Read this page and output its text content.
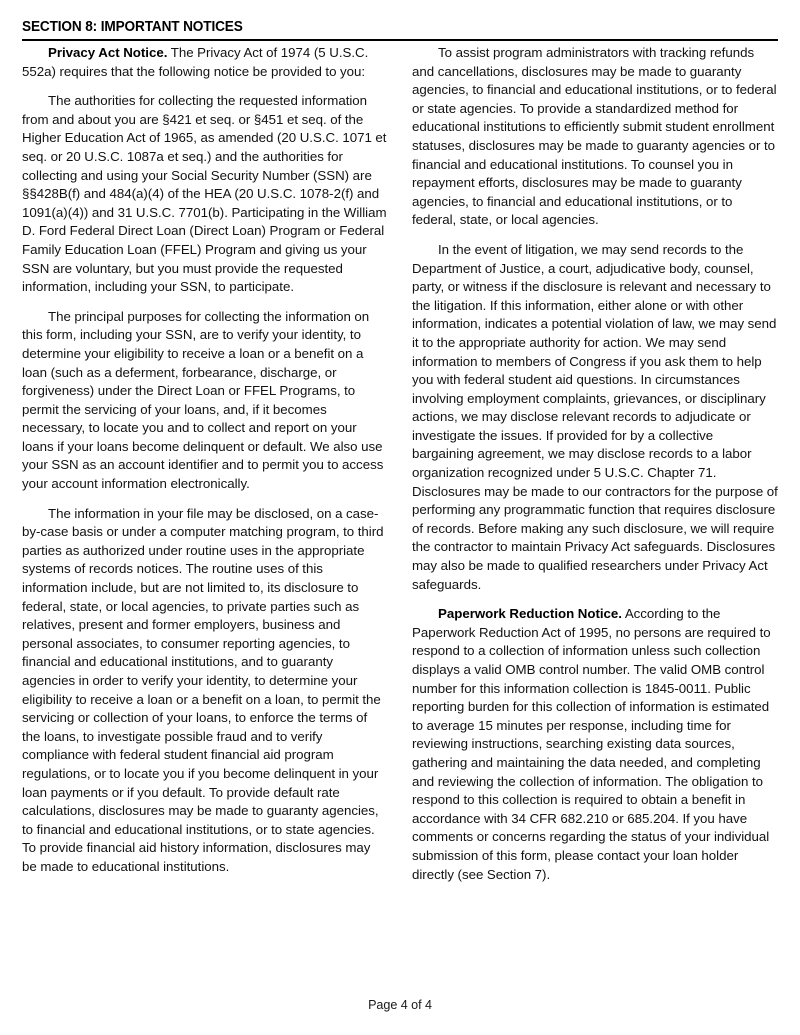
SECTION 8: IMPORTANT NOTICES

Privacy Act Notice. The Privacy Act of 1974 (5 U.S.C. 552a) requires that the following notice be provided to you:

The authorities for collecting the requested information from and about you are §421 et seq. or §451 et seq. of the Higher Education Act of 1965, as amended (20 U.S.C. 1071 et seq. or 20 U.S.C. 1087a et seq.) and the authorities for collecting and using your Social Security Number (SSN) are §§428B(f) and 484(a)(4) of the HEA (20 U.S.C. 1078-2(f) and 1091(a)(4)) and 31 U.S.C. 7701(b). Participating in the William D. Ford Federal Direct Loan (Direct Loan) Program or Federal Family Education Loan (FFEL) Program and giving us your SSN are voluntary, but you must provide the requested information, including your SSN, to participate.

The principal purposes for collecting the information on this form, including your SSN, are to verify your identity, to determine your eligibility to receive a loan or a benefit on a loan (such as a deferment, forbearance, discharge, or forgiveness) under the Direct Loan or FFEL Programs, to permit the servicing of your loans, and, if it becomes necessary, to locate you and to collect and report on your loans if your loans become delinquent or default. We also use your SSN as an account identifier and to permit you to access your account information electronically.

The information in your file may be disclosed, on a case-by-case basis or under a computer matching program, to third parties as authorized under routine uses in the appropriate systems of records notices. The routine uses of this information include, but are not limited to, its disclosure to federal, state, or local agencies, to private parties such as relatives, present and former employers, business and personal associates, to consumer reporting agencies, to financial and educational institutions, and to guaranty agencies in order to verify your identity, to determine your eligibility to receive a loan or a benefit on a loan, to permit the servicing or collection of your loans, to enforce the terms of the loans, to investigate possible fraud and to verify compliance with federal student financial aid program regulations, or to locate you if you become delinquent in your loan payments or if you default. To provide default rate calculations, disclosures may be made to guaranty agencies, to financial and educational institutions, or to state agencies. To provide financial aid history information, disclosures may be made to educational institutions.

To assist program administrators with tracking refunds and cancellations, disclosures may be made to guaranty agencies, to financial and educational institutions, or to federal or state agencies. To provide a standardized method for educational institutions to efficiently submit student enrollment statuses, disclosures may be made to guaranty agencies or to financial and educational institutions. To counsel you in repayment efforts, disclosures may be made to guaranty agencies, to financial and educational institutions, or to federal, state, or local agencies.

In the event of litigation, we may send records to the Department of Justice, a court, adjudicative body, counsel, party, or witness if the disclosure is relevant and necessary to the litigation. If this information, either alone or with other information, indicates a potential violation of law, we may send it to the appropriate authority for action. We may send information to members of Congress if you ask them to help you with federal student aid questions. In circumstances involving employment complaints, grievances, or disciplinary actions, we may disclose relevant records to adjudicate or investigate the issues. If provided for by a collective bargaining agreement, we may disclose records to a labor organization recognized under 5 U.S.C. Chapter 71. Disclosures may be made to our contractors for the purpose of performing any programmatic function that requires disclosure of records. Before making any such disclosure, we will require the contractor to maintain Privacy Act safeguards. Disclosures may also be made to qualified researchers under Privacy Act safeguards.

Paperwork Reduction Notice. According to the Paperwork Reduction Act of 1995, no persons are required to respond to a collection of information unless such collection displays a valid OMB control number. The valid OMB control number for this information collection is 1845-0011. Public reporting burden for this collection of information is estimated to average 15 minutes per response, including time for reviewing instructions, searching existing data sources, gathering and maintaining the data needed, and completing and reviewing the collection of information. The obligation to respond to this collection is required to obtain a benefit in accordance with 34 CFR 682.210 or 685.204. If you have comments or concerns regarding the status of your individual submission of this form, please contact your loan holder directly (see Section 7).

Page 4 of 4
